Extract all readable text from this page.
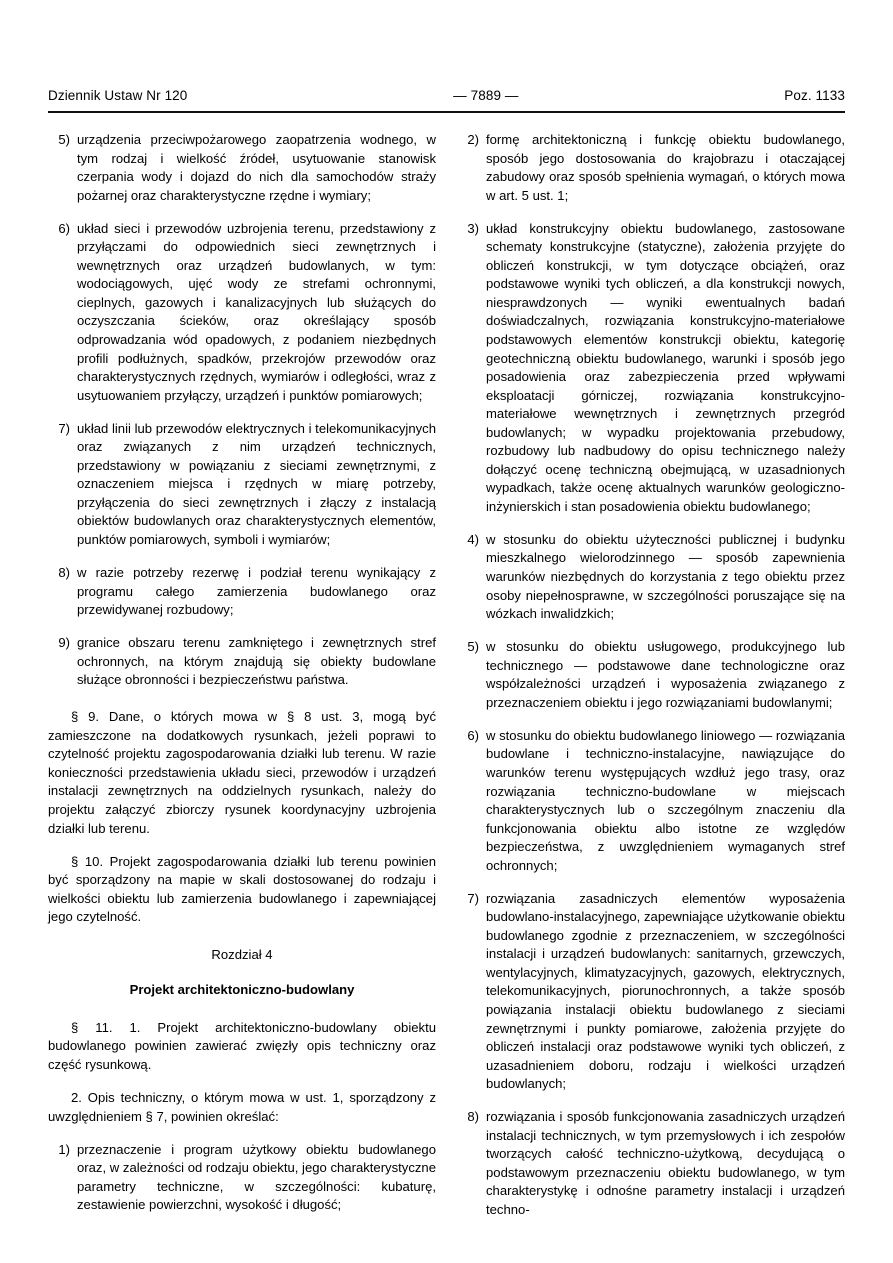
Dziennik Ustaw Nr 120	— 7889 —	Poz. 1133
5) urządzenia przeciwpożarowego zaopatrzenia wodnego, w tym rodzaj i wielkość źródeł, usytuowanie stanowisk czerpania wody i dojazd do nich dla samochodów straży pożarnej oraz charakterystyczne rzędne i wymiary;
6) układ sieci i przewodów uzbrojenia terenu, przedstawiony z przyłączami do odpowiednich sieci zewnętrznych i wewnętrznych oraz urządzeń budowlanych, w tym: wodociągowych, ujęć wody ze strefami ochronnymi, cieplnych, gazowych i kanalizacyjnych lub służących do oczyszczania ścieków, oraz określający sposób odprowadzania wód opadowych, z podaniem niezbędnych profili podłużnych, spadków, przekrojów przewodów oraz charakterystycznych rzędnych, wymiarów i odległości, wraz z usytuowaniem przyłączy, urządzeń i punktów pomiarowych;
7) układ linii lub przewodów elektrycznych i telekomunikacyjnych oraz związanych z nim urządzeń technicznych, przedstawiony w powiązaniu z sieciami zewnętrznymi, z oznaczeniem miejsca i rzędnych w miarę potrzeby, przyłączenia do sieci zewnętrznych i złączy z instalacją obiektów budowlanych oraz charakterystycznych elementów, punktów pomiarowych, symboli i wymiarów;
8) w razie potrzeby rezerwę i podział terenu wynikający z programu całego zamierzenia budowlanego oraz przewidywanej rozbudowy;
9) granice obszaru terenu zamkniętego i zewnętrznych stref ochronnych, na którym znajdują się obiekty budowlane służące obronności i bezpieczeństwu państwa.
§ 9. Dane, o których mowa w § 8 ust. 3, mogą być zamieszczone na dodatkowych rysunkach, jeżeli poprawi to czytelność projektu zagospodarowania działki lub terenu. W razie konieczności przedstawienia układu sieci, przewodów i urządzeń instalacji zewnętrznych na oddzielnych rysunkach, należy do projektu załączyć zbiorczy rysunek koordynacyjny uzbrojenia działki lub terenu.
§ 10. Projekt zagospodarowania działki lub terenu powinien być sporządzony na mapie w skali dostosowanej do rodzaju i wielkości obiektu lub zamierzenia budowlanego i zapewniającej jego czytelność.
Rozdział 4
Projekt architektoniczno-budowlany
§ 11. 1. Projekt architektoniczno-budowlany obiektu budowlanego powinien zawierać zwięzły opis techniczny oraz część rysunkową.
2. Opis techniczny, o którym mowa w ust. 1, sporządzony z uwzględnieniem § 7, powinien określać:
1) przeznaczenie i program użytkowy obiektu budowlanego oraz, w zależności od rodzaju obiektu, jego charakterystyczne parametry techniczne, w szczególności: kubaturę, zestawienie powierzchni, wysokość i długość;
2) formę architektoniczną i funkcję obiektu budowlanego, sposób jego dostosowania do krajobrazu i otaczającej zabudowy oraz sposób spełnienia wymagań, o których mowa w art. 5 ust. 1;
3) układ konstrukcyjny obiektu budowlanego, zastosowane schematy konstrukcyjne (statyczne), założenia przyjęte do obliczeń konstrukcji, w tym dotyczące obciążeń, oraz podstawowe wyniki tych obliczeń, a dla konstrukcji nowych, niesprawdzonych — wyniki ewentualnych badań doświadczalnych, rozwiązania konstrukcyjno-materiałowe podstawowych elementów konstrukcji obiektu, kategorię geotechniczną obiektu budowlanego, warunki i sposób jego posadowienia oraz zabezpieczenia przed wpływami eksploatacji górniczej, rozwiązania konstrukcyjno-materiałowe wewnętrznych i zewnętrznych przegród budowlanych; w wypadku projektowania przebudowy, rozbudowy lub nadbudowy do opisu technicznego należy dołączyć ocenę techniczną obejmującą, w uzasadnionych wypadkach, także ocenę aktualnych warunków geologiczno-inżynierskich i stan posadowienia obiektu budowlanego;
4) w stosunku do obiektu użyteczności publicznej i budynku mieszkalnego wielorodzinnego — sposób zapewnienia warunków niezbędnych do korzystania z tego obiektu przez osoby niepełnosprawne, w szczególności poruszające się na wózkach inwalidzkich;
5) w stosunku do obiektu usługowego, produkcyjnego lub technicznego — podstawowe dane technologiczne oraz współzależności urządzeń i wyposażenia związanego z przeznaczeniem obiektu i jego rozwiązaniami budowlanymi;
6) w stosunku do obiektu budowlanego liniowego — rozwiązania budowlane i techniczno-instalacyjne, nawiązujące do warunków terenu występujących wzdłuż jego trasy, oraz rozwiązania techniczno-budowlane w miejscach charakterystycznych lub o szczególnym znaczeniu dla funkcjonowania obiektu albo istotne ze względów bezpieczeństwa, z uwzględnieniem wymaganych stref ochronnych;
7) rozwiązania zasadniczych elementów wyposażenia budowlano-instalacyjnego, zapewniające użytkowanie obiektu budowlanego zgodnie z przeznaczeniem, w szczególności instalacji i urządzeń budowlanych: sanitarnych, grzewczych, wentylacyjnych, klimatyzacyjnych, gazowych, elektrycznych, telekomunikacyjnych, piorunochronnych, a także sposób powiązania instalacji obiektu budowlanego z sieciami zewnętrznymi i punkty pomiarowe, założenia przyjęte do obliczeń instalacji oraz podstawowe wyniki tych obliczeń, z uzasadnieniem doboru, rodzaju i wielkości urządzeń budowlanych;
8) rozwiązania i sposób funkcjonowania zasadniczych urządzeń instalacji technicznych, w tym przemysłowych i ich zespołów tworzących całość techniczno-użytkową, decydującą o podstawowym przeznaczeniu obiektu budowlanego, w tym charakterystykę i odnośne parametry instalacji i urządzeń techno-
